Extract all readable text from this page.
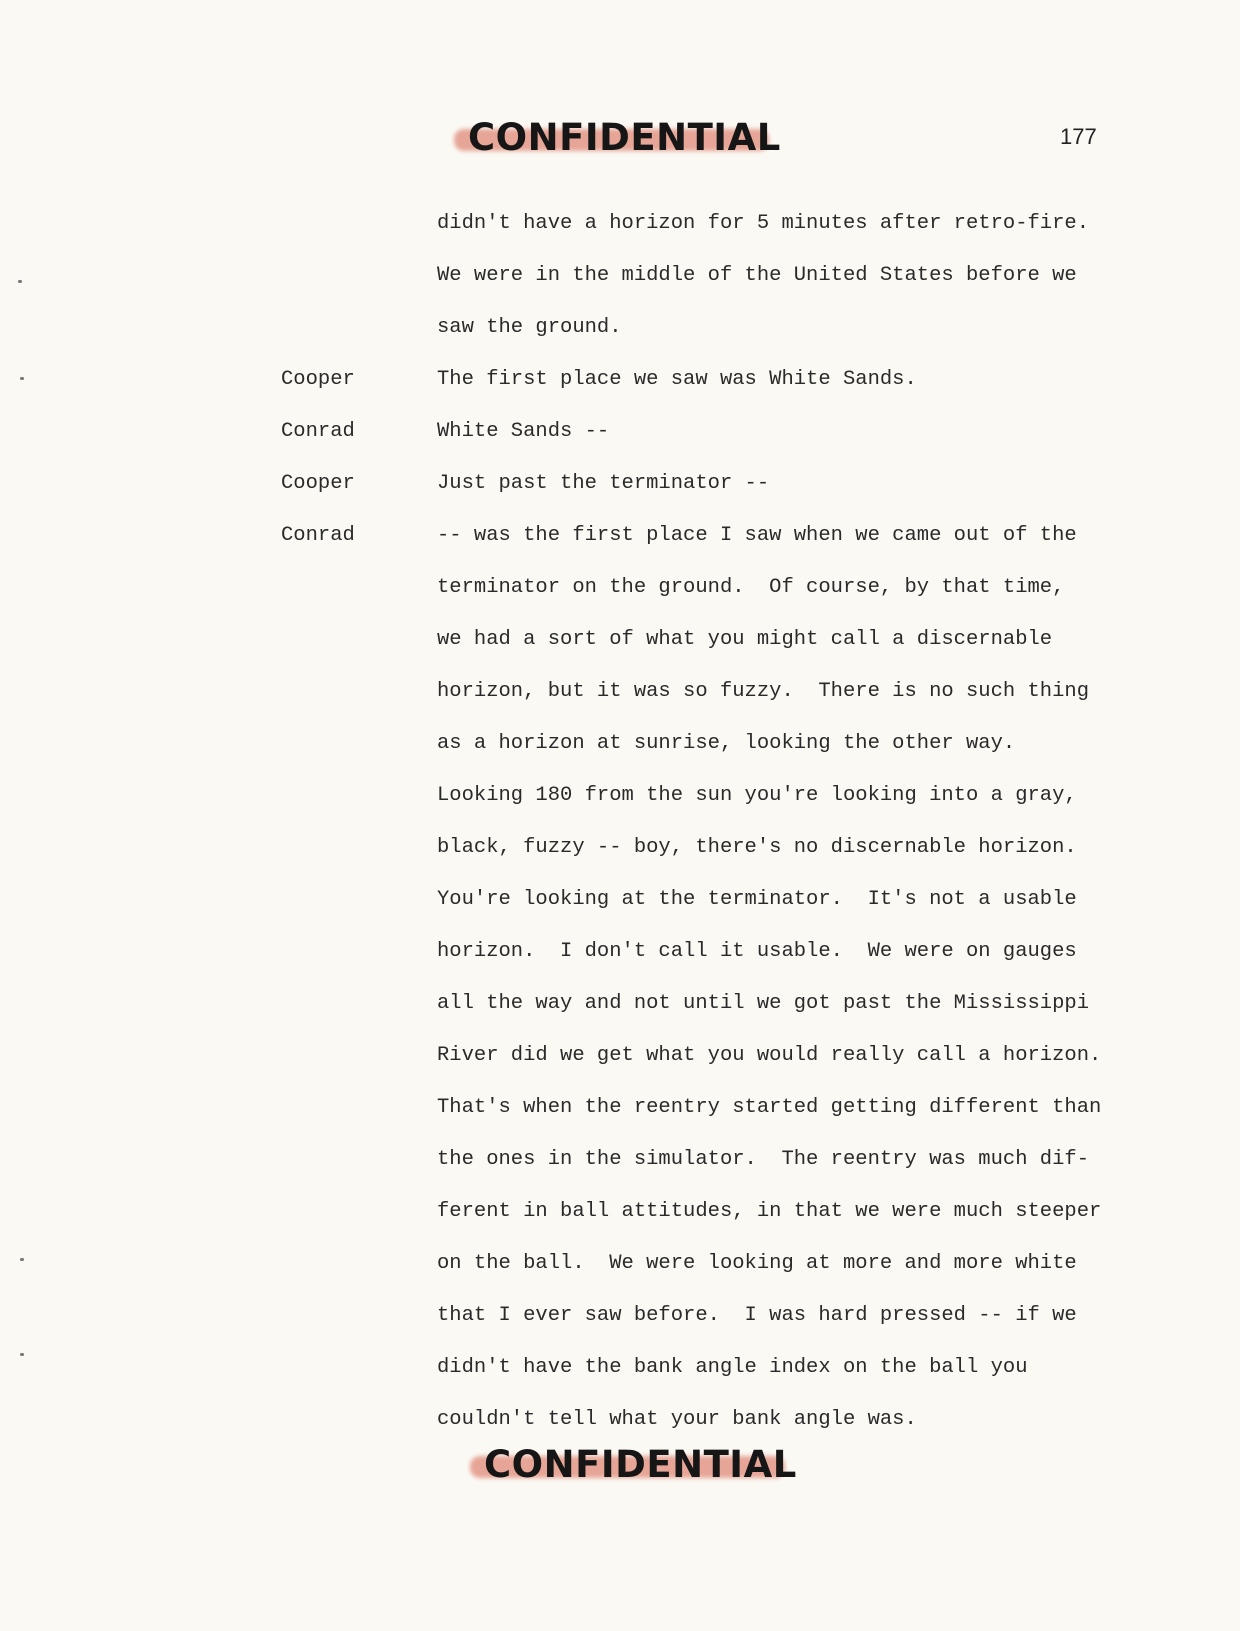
CONFIDENTIAL	177
didn't have a horizon for 5 minutes after retro-fire.
We were in the middle of the United States before we
saw the ground.
Cooper	The first place we saw was White Sands.
Conrad	White Sands --
Cooper	Just past the terminator --
Conrad	-- was the first place I saw when we came out of the
terminator on the ground.  Of course, by that time,
we had a sort of what you might call a discernable
horizon, but it was so fuzzy.  There is no such thing
as a horizon at sunrise, looking the other way.
Looking 180 from the sun you're looking into a gray,
black, fuzzy -- boy, there's no discernable horizon.
You're looking at the terminator.  It's not a usable
horizon.  I don't call it usable.  We were on gauges
all the way and not until we got past the Mississippi
River did we get what you would really call a horizon.
That's when the reentry started getting different than
the ones in the simulator.  The reentry was much dif-
ferent in ball attitudes, in that we were much steeper
on the ball.  We were looking at more and more white
that I ever saw before.  I was hard pressed -- if we
didn't have the bank angle index on the ball you
couldn't tell what your bank angle was.
CONFIDENTIAL
